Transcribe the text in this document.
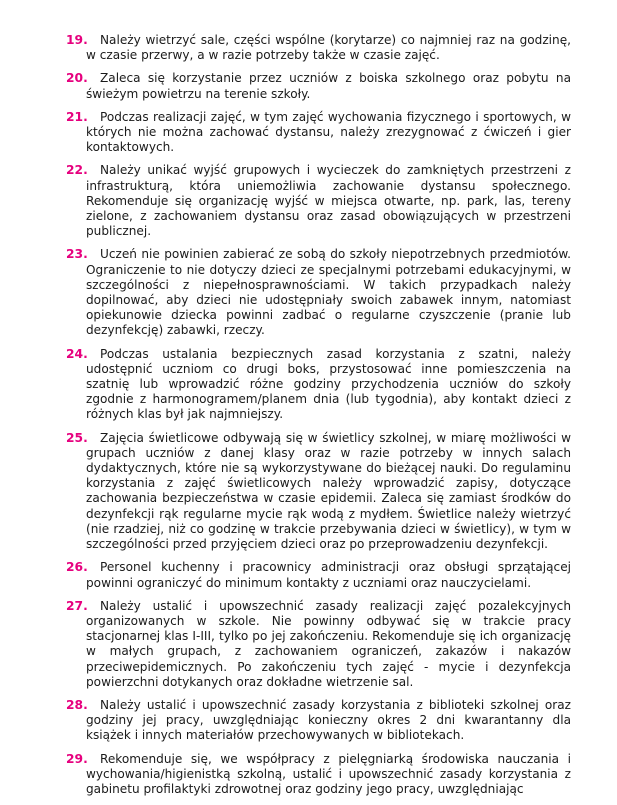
19.	Należy wietrzyć sale, części wspólne (korytarze) co najmniej raz na godzinę, w czasie przerwy, a w razie potrzeby także w czasie zajęć.
20.	Zaleca się korzystanie przez uczniów z boiska szkolnego oraz pobytu na świeżym powietrzu na terenie szkoły.
21.	Podczas realizacji zajęć, w tym zajęć wychowania fizycznego i sportowych, w których nie można zachować dystansu, należy zrezygnować z ćwiczeń i gier kontaktowych.
22.	Należy unikać wyjść grupowych i wycieczek do zamkniętych przestrzeni z infrastrukturą, która uniemożliwia zachowanie dystansu społecznego. Rekomenduje się organizację wyjść w miejsca otwarte, np. park, las, tereny zielone, z zachowaniem dystansu oraz zasad obowiązujących w przestrzeni publicznej.
23.	Uczeń nie powinien zabierać ze sobą do szkoły niepotrzebnych przedmiotów. Ograniczenie to nie dotyczy dzieci ze specjalnymi potrzebami edukacyjnymi, w szczególności z niepełnosprawnościami. W takich przypadkach należy dopilnować, aby dzieci nie udostępniały swoich zabawek innym, natomiast opiekunowie dziecka powinni zadbać o regularne czyszczenie (pranie lub dezynfekcję) zabawki, rzeczy.
24.	Podczas ustalania bezpiecznych zasad korzystania z szatni, należy udostępnić uczniom co drugi boks, przystosować inne pomieszczenia na szatnię lub wprowadzić różne godziny przychodzenia uczniów do szkoły zgodnie z harmonogramem/planem dnia (lub tygodnia), aby kontakt dzieci z różnych klas był jak najmniejszy.
25.	Zajęcia świetlicowe odbywają się w świetlicy szkolnej, w miarę możliwości w grupach uczniów z danej klasy oraz w razie potrzeby w innych salach dydaktycznych, które nie są wykorzystywane do bieżącej nauki. Do regulaminu korzystania z zajęć świetlicowych należy wprowadzić zapisy, dotyczące zachowania bezpieczeństwa w czasie epidemii. Zaleca się zamiast środków do dezynfekcji rąk regularne mycie rąk wodą z mydłem. Świetlice należy wietrzyć (nie rzadziej, niż co godzinę w trakcie przebywania dzieci w świetlicy), w tym w szczególności przed przyjęciem dzieci oraz po przeprowadzeniu dezynfekcji.
26.	Personel kuchenny i pracownicy administracji oraz obsługi sprzątającej powinni ograniczyć do minimum kontakty z uczniami oraz nauczycielami.
27.	Należy ustalić i upowszechnić zasady realizacji zajęć pozalekcyjnych organizowanych w szkole. Nie powinny odbywać się w trakcie pracy stacjonarnej klas I-III, tylko po jej zakończeniu. Rekomenduje się ich organizację w małych grupach, z zachowaniem ograniczeń, zakazów i nakazów przeciwepidemicznych. Po zakończeniu tych zajęć - mycie i dezynfekcja powierzchni dotykanych oraz dokładne wietrzenie sal.
28.	Należy ustalić i upowszechnić zasady korzystania z biblioteki szkolnej oraz godziny jej pracy, uwzględniając konieczny okres 2 dni kwarantanny dla książek i innych materiałów przechowywanych w bibliotekach.
29.	Rekomenduje się, we współpracy z pielęgniarką środowiska nauczania i wychowania/higienistką szkolną, ustalić i upowszechnić zasady korzystania z gabinetu profilaktyki zdrowotnej oraz godziny jego pracy, uwzględniając
